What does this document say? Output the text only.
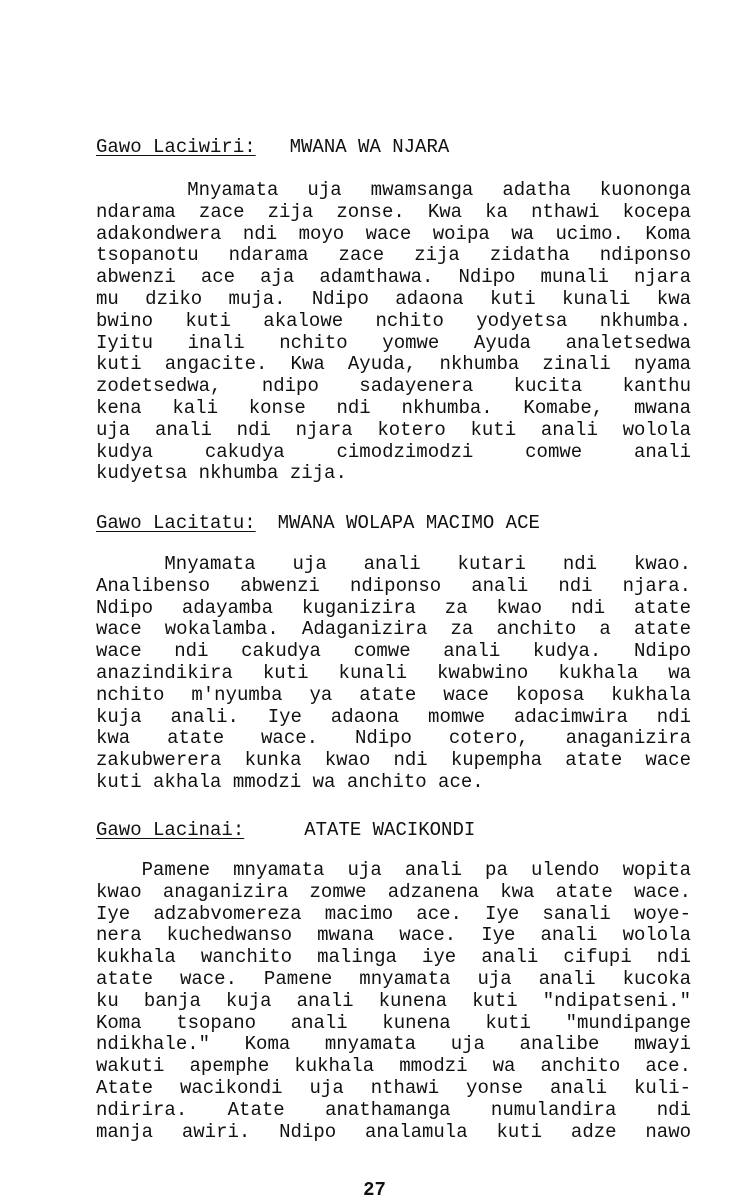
Gawo Laciwiri: MWANA WA NJARA
Mnyamata uja mwamsanga adatha kuononga
ndarama zace zija zonse. Kwa ka nthawi kocepa
adakondwera ndi moyo wace woipa wa ucimo. Koma
tsopanotu ndarama zace zija zidatha ndiponso
abwenzi ace aja adamthawa. Ndipo munali njara
mu dziko muja. Ndipo adaona kuti kunali kwa
bwino kuti akalowe nchito yodyetsa nkhumba.
Iyitu inali nchito yomwe Ayuda analetsedwa
kuti angacite. Kwa Ayuda, nkhumba zinali nyama
zodetsedwa, ndipo sadayenera kucita kanthu
kena kali konse ndi nkhumba. Komabe, mwana
uja anali ndi njara kotero kuti anali wolola
kudya cakudya cimodzimodzi comwe anali
kudyetsa nkhumba zija.
Gawo Lacitatu: MWANA WOLAPA MACIMO ACE
Mnyamata uja anali kutari ndi kwao.
Analibenso abwenzi ndiponso anali ndi njara.
Ndipo adayamba kuganizira za kwao ndi atate
wace wokalamba. Adaganizira za anchito a atate
wace ndi cakudya comwe anali kudya. Ndipo
anazindikira kuti kunali kwabwino kukhala wa
nchito m'nyumba ya atate wace koposa kukhala
kuja anali. Iye adaona momwe adacimwira ndi
kwa atate wace. Ndipo cotero, anaganizira
zakubwerera kunka kwao ndi kupempha atate wace
kuti akhala mmodzi wa anchito ace.
Gawo Lacinai:	ATATE WACIKONDI
Pamene mnyamata uja anali pa ulendo wopita
kwao anaganizira zomwe adzanena kwa atate wace.
Iye adzabvomereza macimo ace. Iye sanali woye-
nera kuchedwanso mwana wace. Iye anali wolola
kukhala wanchito malinga iye anali cifupi ndi
atate wace. Pamene mnyamata uja anali kucoka
ku banja kuja anali kunena kuti "ndipatseni."
Koma tsopano anali kunena kuti "mundipange
ndikhale." Koma mnyamata uja analibe mwayi
wakuti apemphe kukhala mmodzi wa anchito ace.
Atate wacikondi uja nthawi yonse anali kuli-
ndirira. Atate anathamanga numulandira ndi
manja awiri. Ndipo analamula kuti adze nawo
27
